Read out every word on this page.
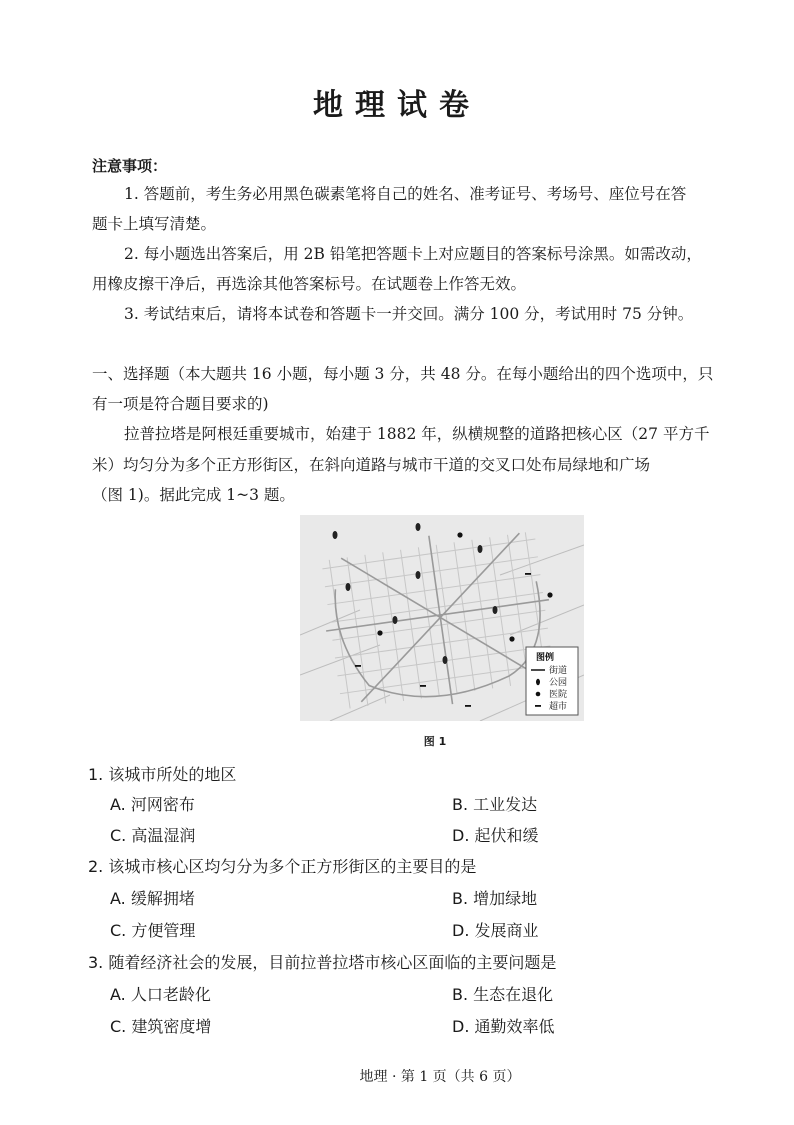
地理试卷
注意事项：
1. 答题前，考生务必用黑色碳素笔将自己的姓名、准考证号、考场号、座位号在答
题卡上填写清楚。
2. 每小题选出答案后，用 2B 铅笔把答题卡上对应题目的答案标号涂黑。如需改动，
用橡皮擦干净后，再选涂其他答案标号。在试题卷上作答无效。
3. 考试结束后，请将本试卷和答题卡一并交回。满分 100 分，考试用时 75 分钟。
一、选择题（本大题共 16 小题，每小题 3 分，共 48 分。在每小题给出的四个选项中，只
有一项是符合题目要求的)
拉普拉塔是阿根廷重要城市，始建于 1882 年，纵横规整的道路把核心区（27 平方千
米）均匀分为多个正方形街区，在斜向道路与城市干道的交叉口处布局绿地和广场
（图 1)。据此完成 1~3 题。
图例
街道
公园
医院
超市
图 1
1. 该城市所处的地区
A. 河网密布	B. 工业发达
C. 高温湿润	D. 起伏和缓
2. 该城市核心区均匀分为多个正方形街区的主要目的是
A. 缓解拥堵	B. 增加绿地
C. 方便管理	D. 发展商业
3. 随着经济社会的发展，目前拉普拉塔市核心区面临的主要问题是
A. 人口老龄化	B. 生态在退化
C. 建筑密度增	D. 通勤效率低
地理 · 第 1 页（共 6 页）
